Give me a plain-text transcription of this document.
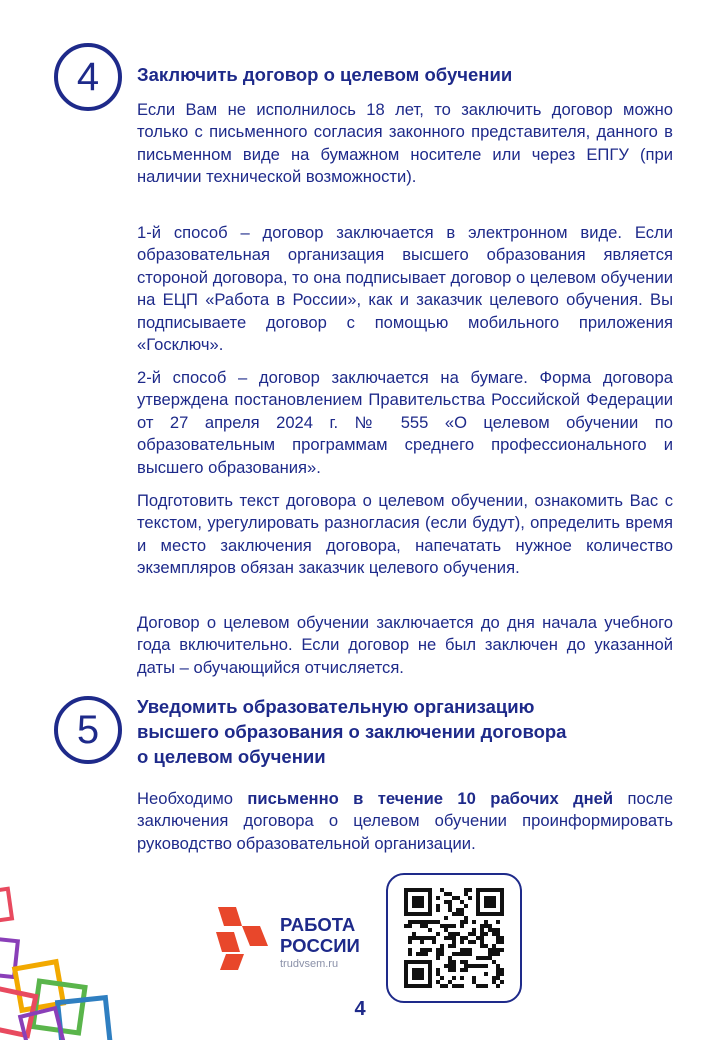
4 Заключить договор о целевом обучении
Если Вам не исполнилось 18 лет, то заключить договор можно только с письменного согласия законного представителя, данного в письменном виде на бумажном носителе или через ЕПГУ (при наличии технической возможности).
1-й способ – договор заключается в электронном виде. Если образовательная организация высшего образования является стороной договора, то она подписывает договор о целевом обучении на ЕЦП «Работа в России», как и заказчик целевого обучения. Вы подписываете договор с помощью мобильного приложения «Госключ».
2-й способ – договор заключается на бумаге. Форма договора утверждена постановлением Правительства Российской Федерации от 27 апреля 2024 г. № 555 «О целевом обучении по образовательным программам среднего профессионального и высшего образования».
Подготовить текст договора о целевом обучении, ознакомить Вас с текстом, урегулировать разногласия (если будут), определить время и место заключения договора, напечатать нужное количество экземпляров обязан заказчик целевого обучения.
Договор о целевом обучении заключается до дня начала учебного года включительно. Если договор не был заключен до указанной даты – обучающийся отчисляется.
5
Уведомить образовательную организацию
высшего образования о заключении договора
о целевом обучении
Необходимо письменно в течение 10 рабочих дней после заключения договора о целевом обучении проинформировать руководство образовательной организации.
РАБОТА
РОССИИ
trudvsem.ru
4
